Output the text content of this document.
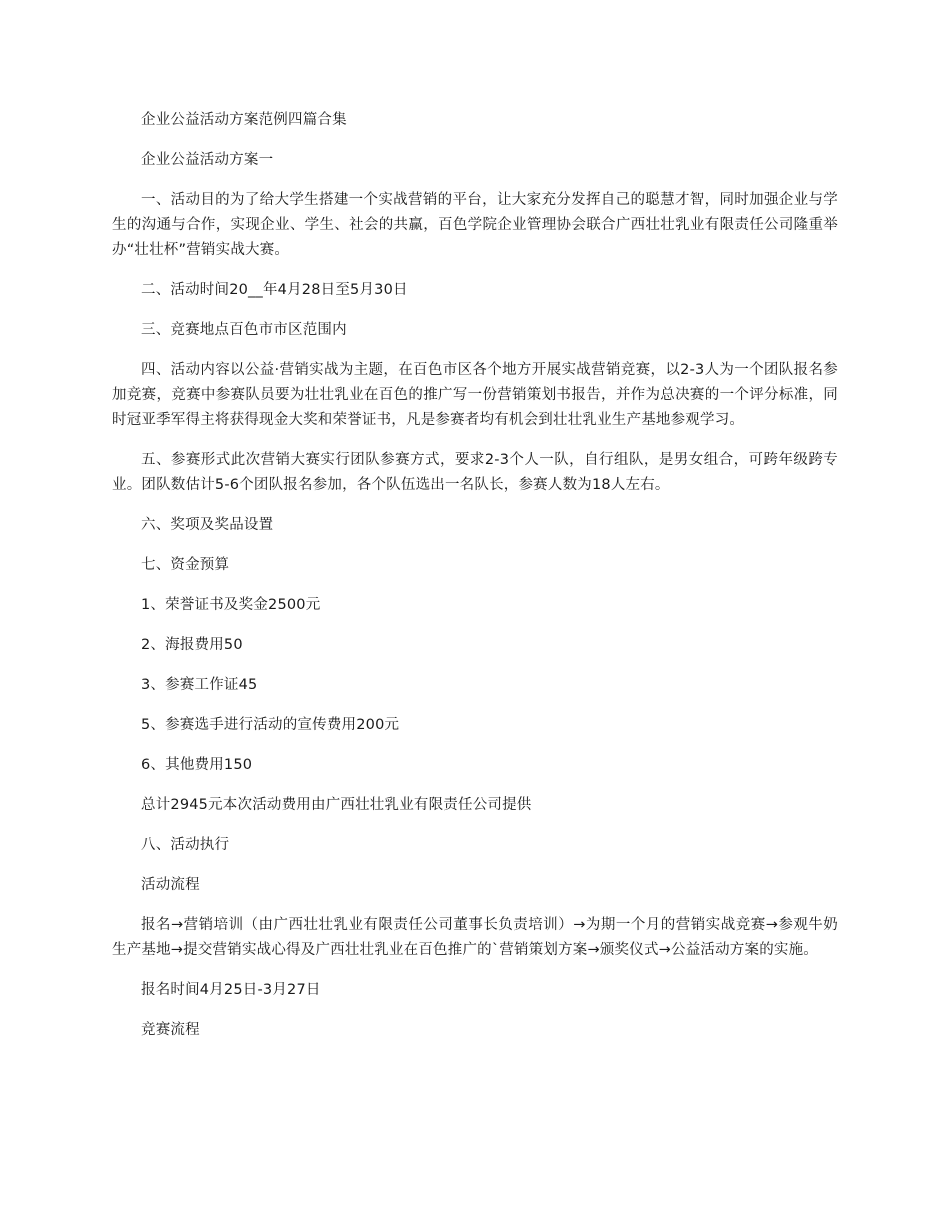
企业公益活动方案范例四篇合集

企业公益活动方案一

一、活动目的为了给大学生搭建一个实战营销的平台，让大家充分发挥自己的聪慧才智，同时加强企业与学生的沟通与合作，实现企业、学生、社会的共赢，百色学院企业管理协会联合广西壮壮乳业有限责任公司隆重举办“壮壮杯”营销实战大赛。

二、活动时间20__年4月28日至5月30日

三、竞赛地点百色市市区范围内

四、活动内容以公益·营销实战为主题，在百色市区各个地方开展实战营销竞赛，以2-3人为一个团队报名参加竞赛，竞赛中参赛队员要为壮壮乳业在百色的推广写一份营销策划书报告，并作为总决赛的一个评分标准，同时冠亚季军得主将获得现金大奖和荣誉证书，凡是参赛者均有机会到壮壮乳业生产基地参观学习。

五、参赛形式此次营销大赛实行团队参赛方式，要求2-3个人一队，自行组队，是男女组合，可跨年级跨专业。团队数估计5-6个团队报名参加，各个队伍选出一名队长，参赛人数为18人左右。

六、奖项及奖品设置

七、资金预算

1、荣誉证书及奖金2500元

2、海报费用50

3、参赛工作证45

5、参赛选手进行活动的宣传费用200元

6、其他费用150

总计2945元本次活动费用由广西壮壮乳业有限责任公司提供

八、活动执行

活动流程

报名→营销培训（由广西壮壮乳业有限责任公司董事长负责培训）→为期一个月的营销实战竞赛→参观牛奶生产基地→提交营销实战心得及广西壮壮乳业在百色推广的`营销策划方案→颁奖仪式→公益活动方案的实施。

报名时间4月25日-3月27日

竞赛流程
